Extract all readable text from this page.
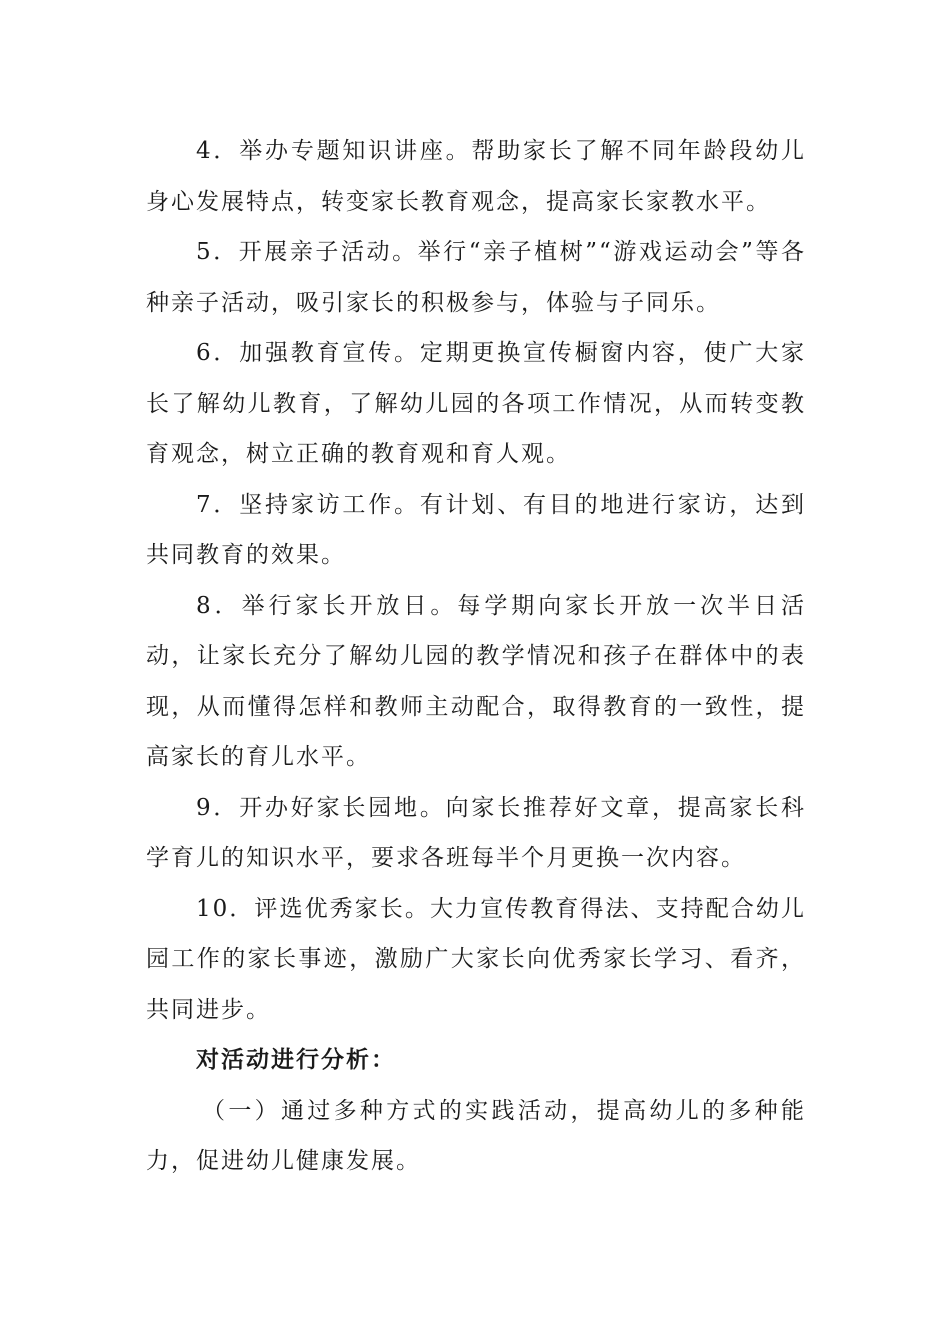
4．举办专题知识讲座。帮助家长了解不同年龄段幼儿身心发展特点，转变家长教育观念，提高家长家教水平。

5．开展亲子活动。举行“亲子植树”“游戏运动会”等各种亲子活动，吸引家长的积极参与，体验与子同乐。

6．加强教育宣传。定期更换宣传橱窗内容，使广大家长了解幼儿教育，了解幼儿园的各项工作情况，从而转变教育观念，树立正确的教育观和育人观。

7．坚持家访工作。有计划、有目的地进行家访，达到共同教育的效果。

8．举行家长开放日。每学期向家长开放一次半日活动，让家长充分了解幼儿园的教学情况和孩子在群体中的表现，从而懂得怎样和教师主动配合，取得教育的一致性，提高家长的育儿水平。

9．开办好家长园地。向家长推荐好文章，提高家长科学育儿的知识水平，要求各班每半个月更换一次内容。

10．评选优秀家长。大力宣传教育得法、支持配合幼儿园工作的家长事迹，激励广大家长向优秀家长学习、看齐，共同进步。

对活动进行分析：

（一）通过多种方式的实践活动，提高幼儿的多种能力，促进幼儿健康发展。
